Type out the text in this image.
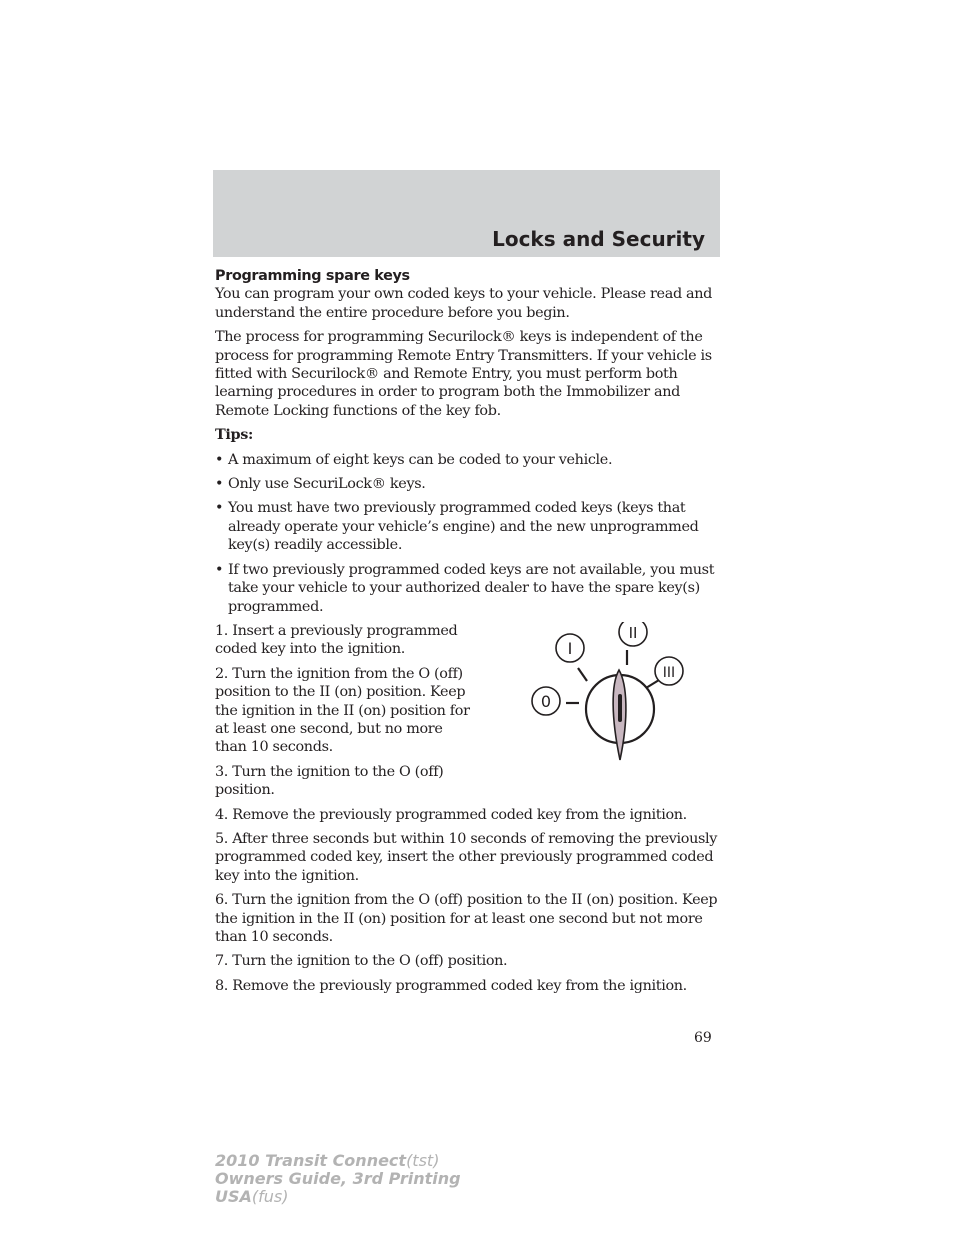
Locks and Security

Programming spare keys

You can program your own coded keys to your vehicle. Please read and understand the entire procedure before you begin.

The process for programming Securilock® keys is independent of the process for programming Remote Entry Transmitters. If your vehicle is fitted with Securilock® and Remote Entry, you must perform both learning procedures in order to program both the Immobilizer and Remote Locking functions of the key fob.

Tips:

• A maximum of eight keys can be coded to your vehicle.
• Only use SecuriLock® keys.
• You must have two previously programmed coded keys (keys that already operate your vehicle’s engine) and the new unprogrammed key(s) readily accessible.
• If two previously programmed coded keys are not available, you must take your vehicle to your authorized dealer to have the spare key(s) programmed.
0
I
II
III

1. Insert a previously programmed coded key into the ignition.

2. Turn the ignition from the O (off) position to the II (on) position. Keep the ignition in the II (on) position for at least one second, but no more than 10 seconds.

3. Turn the ignition to the O (off) position.

4. Remove the previously programmed coded key from the ignition.

5. After three seconds but within 10 seconds of removing the previously programmed coded key, insert the other previously programmed coded key into the ignition.

6. Turn the ignition from the O (off) position to the II (on) position. Keep the ignition in the II (on) position for at least one second but not more than 10 seconds.

7. Turn the ignition to the O (off) position.

8. Remove the previously programmed coded key from the ignition.

69
2010 Transit Connect(tst)
Owners Guide, 3rd Printing
USA(fus)
